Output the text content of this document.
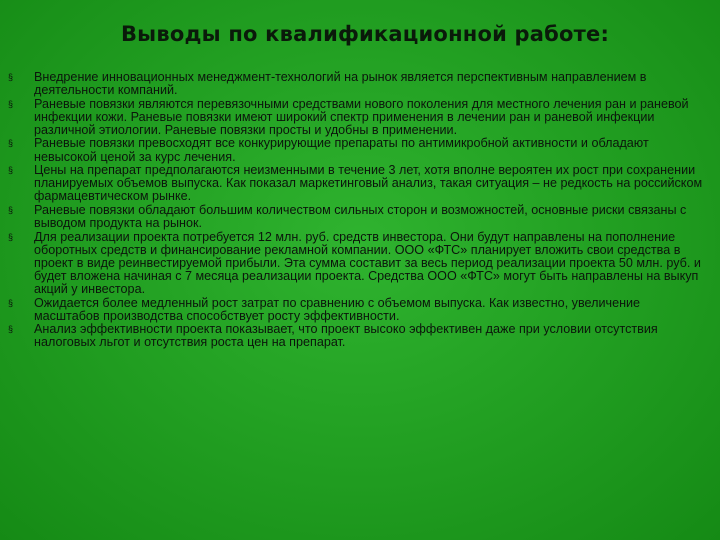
Выводы по квалификационной работе:
§ Внедрение инновационных менеджмент-технологий на рынок является перспективным направлением в деятельности компаний.
§ Раневые повязки являются перевязочными средствами нового поколения для местного лечения ран и раневой инфекции кожи. Раневые повязки имеют широкий спектр применения в лечении ран и раневой инфекции различной этиологии. Раневые повязки просты и удобны в применении.
§ Раневые повязки превосходят все конкурирующие препараты по антимикробной активности и обладают невысокой ценой за курс лечения.
§ Цены на препарат предполагаются неизменными в течение 3 лет, хотя вполне вероятен их рост при сохранении планируемых объемов выпуска. Как показал маркетинговый анализ, такая ситуация – не редкость на российском фармацевтическом рынке.
§ Раневые повязки обладают большим количеством сильных сторон и возможностей, основные риски связаны с выводом продукта на рынок.
§ Для реализации проекта потребуется 12 млн. руб. средств инвестора. Они будут направлены на пополнение оборотных средств и финансирование рекламной компании. ООО «ФТС» планирует вложить свои средства в проект в виде реинвестируемой прибыли. Эта сумма составит за весь период реализации проекта 50 млн. руб. и будет вложена начиная с 7 месяца реализации проекта. Средства ООО «ФТС» могут быть направлены на выкуп акций у инвестора.
§ Ожидается более медленный рост затрат по сравнению с объемом выпуска. Как известно, увеличение масштабов производства способствует росту эффективности.
§ Анализ эффективности проекта показывает, что проект высоко эффективен даже при условии отсутствия налоговых льгот и отсутствия роста цен на препарат.
